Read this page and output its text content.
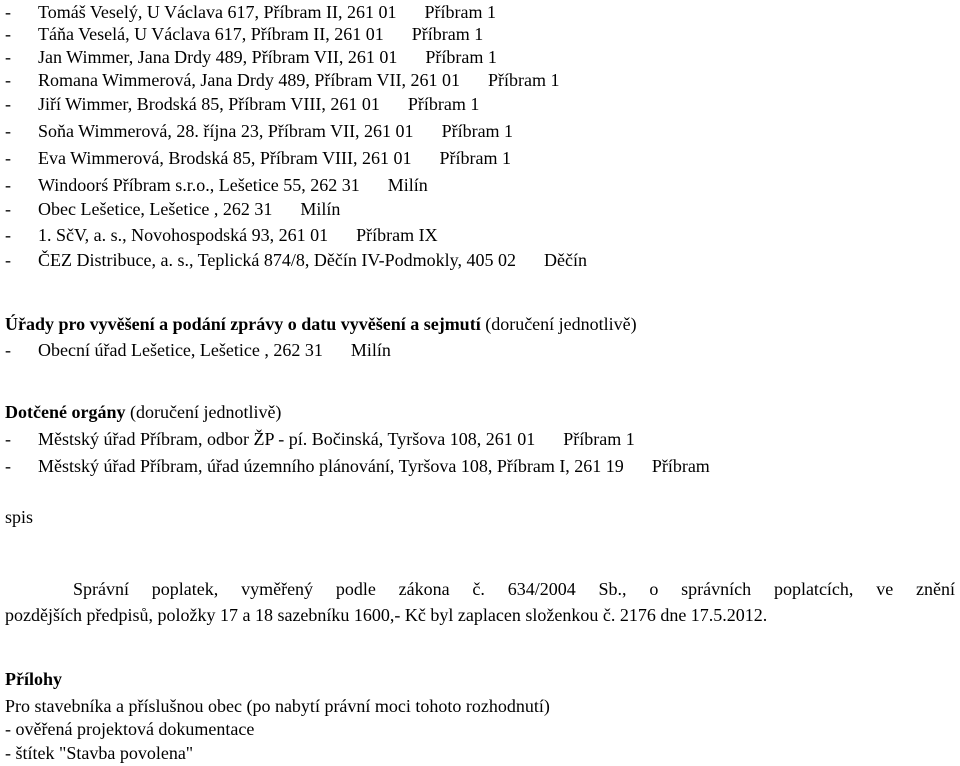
- Tomáš Veselý, U Václava 617, Příbram II, 261 01 Příbram 1
- Táňa Veselá, U Václava 617, Příbram II, 261 01 Příbram 1
- Jan Wimmer, Jana Drdy 489, Příbram VII, 261 01 Příbram 1
- Romana Wimmerová, Jana Drdy 489, Příbram VII, 261 01 Příbram 1
- Jiří Wimmer, Brodská 85, Příbram VIII, 261 01 Příbram 1
- Soňa Wimmerová, 28. října 23, Příbram VII, 261 01 Příbram 1
- Eva Wimmerová, Brodská 85, Příbram VIII, 261 01 Příbram 1
- Windoorś Příbram s.r.o., Lešetice 55, 262 31 Milín
- Obec Lešetice, Lešetice , 262 31 Milín
- 1. SčV, a. s., Novohospodská 93, 261 01 Příbram IX
- ČEZ Distribuce, a. s., Teplická 874/8, Děčín IV-Podmokly, 405 02 Děčín
Úřady pro vyvěšení a podání zprávy o datu vyvěšení a sejmutí (doručení jednotlivě)
- Obecní úřad Lešetice, Lešetice , 262 31 Milín
Dotčené orgány (doručení jednotlivě)
- Městský úřad Příbram, odbor ŽP - pí. Bočinská, Tyršova 108, 261 01 Příbram 1
- Městský úřad Příbram, úřad územního plánování, Tyršova 108, Příbram I, 261 19 Příbram
spis
Správní poplatek, vyměřený podle zákona č. 634/2004 Sb., o správních poplatcích, ve znění
pozdějších předpisů, položky 17 a 18 sazebníku 1600,- Kč byl zaplacen složenkou č. 2176 dne 17.5.2012.
Přílohy
Pro stavebníka a příslušnou obec (po nabytí právní moci tohoto rozhodnutí)
- ověřená projektová dokumentace
- štítek "Stavba povolena"
